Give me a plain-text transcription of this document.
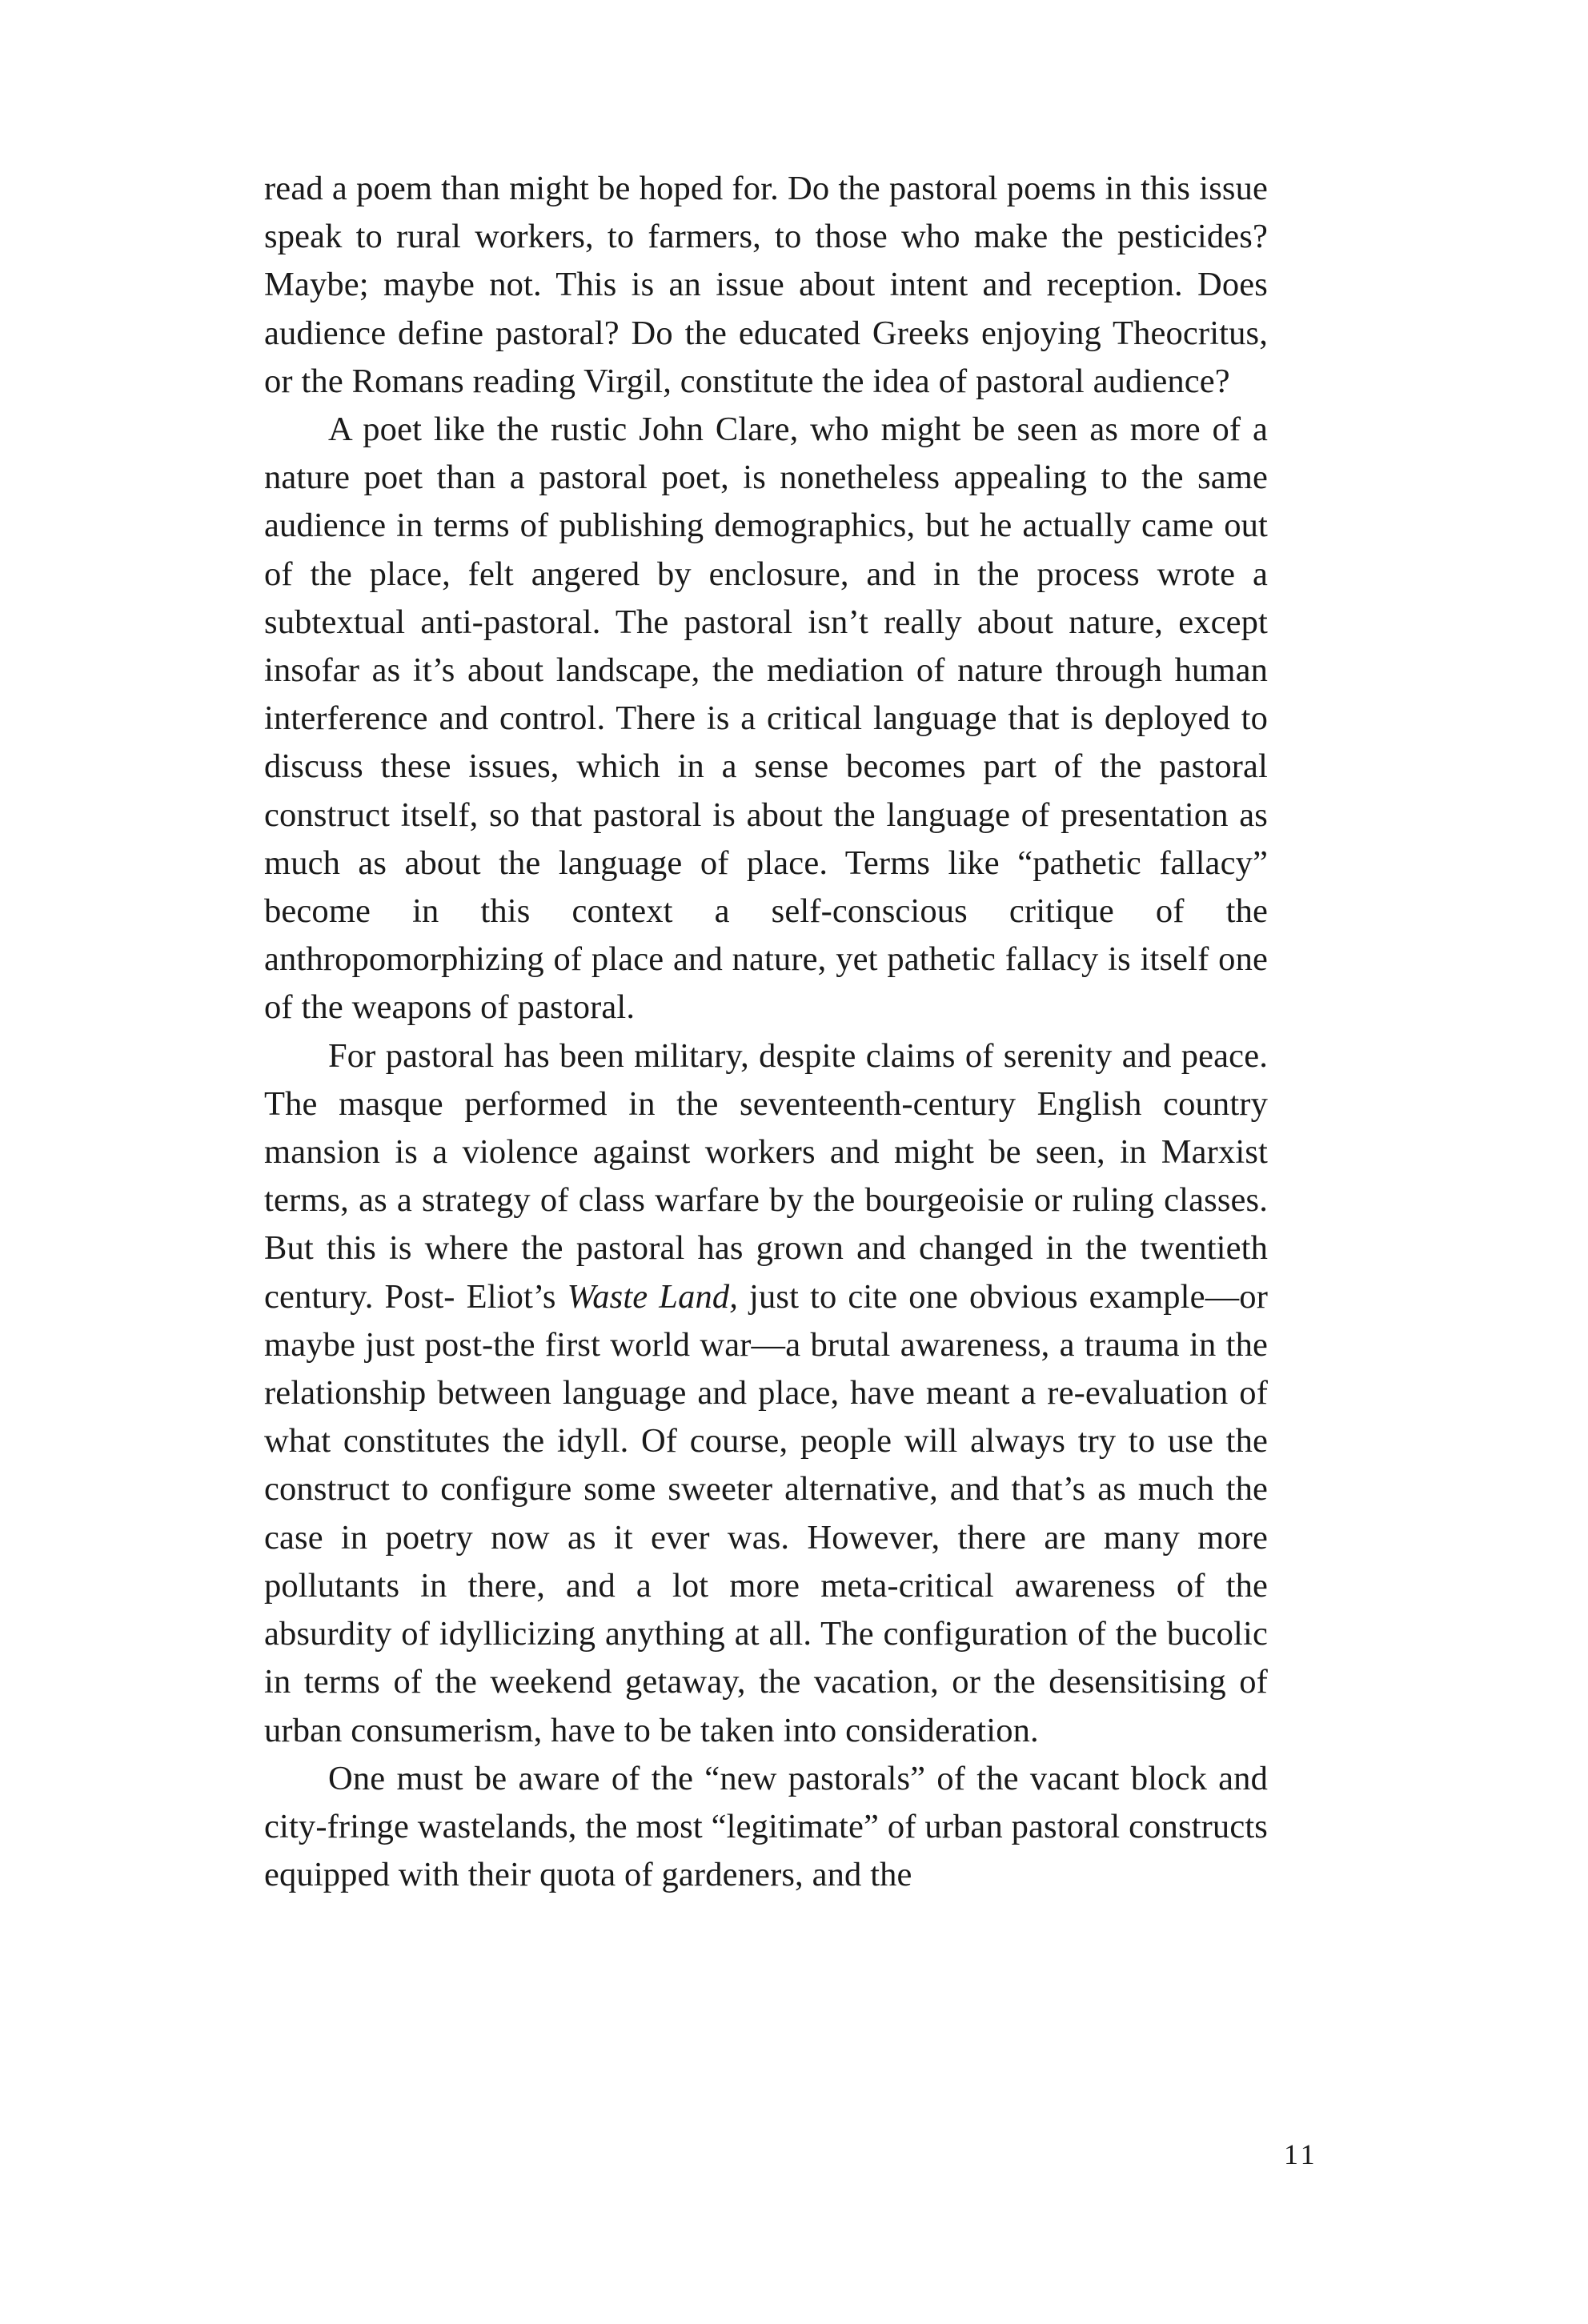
read a poem than might be hoped for. Do the pastoral poems in this issue speak to rural workers, to farmers, to those who make the pesticides? Maybe; maybe not. This is an issue about intent and reception. Does audience define pastoral? Do the educated Greeks enjoying Theocritus, or the Romans reading Virgil, constitute the idea of pastoral audience?

A poet like the rustic John Clare, who might be seen as more of a nature poet than a pastoral poet, is nonetheless appealing to the same audience in terms of publishing demographics, but he actually came out of the place, felt angered by enclosure, and in the process wrote a subtextual anti-pastoral. The pastoral isn’t really about nature, except insofar as it’s about landscape, the mediation of nature through human interference and control. There is a critical language that is deployed to discuss these issues, which in a sense becomes part of the pastoral construct itself, so that pastoral is about the language of presentation as much as about the language of place. Terms like “pathetic fallacy” become in this context a self-conscious critique of the anthropomorphizing of place and nature, yet pathetic fallacy is itself one of the weapons of pastoral.

For pastoral has been military, despite claims of serenity and peace. The masque performed in the seventeenth-century English country mansion is a violence against workers and might be seen, in Marxist terms, as a strategy of class warfare by the bourgeoisie or ruling classes. But this is where the pastoral has grown and changed in the twentieth century. Post- Eliot’s Waste Land, just to cite one obvious example—or maybe just post-the first world war—a brutal awareness, a trauma in the relationship between language and place, have meant a re-evaluation of what constitutes the idyll. Of course, people will always try to use the construct to configure some sweeter alternative, and that’s as much the case in poetry now as it ever was. However, there are many more pollutants in there, and a lot more meta-critical awareness of the absurdity of idyllicizing anything at all. The configuration of the bucolic in terms of the weekend getaway, the vacation, or the desensitising of urban consumerism, have to be taken into consideration.

One must be aware of the “new pastorals” of the vacant block and city-fringe wastelands, the most “legitimate” of urban pastoral constructs equipped with their quota of gardeners, and the

11
